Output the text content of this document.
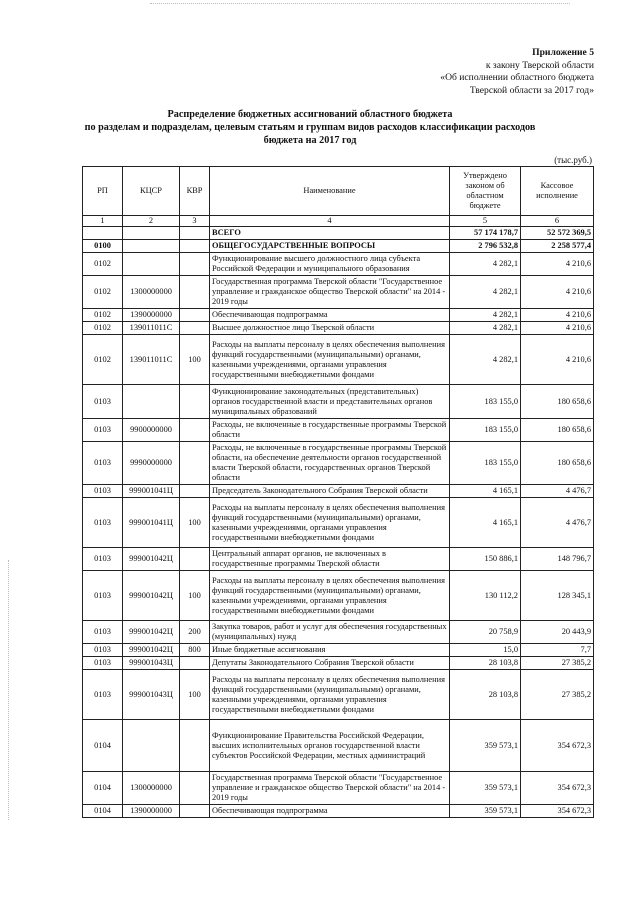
Приложение 5
к закону Тверской области
«Об исполнении областного бюджета
Тверской области за 2017 год»
Распределение бюджетных ассигнований областного бюджета
по разделам и подразделам, целевым статьям и группам видов расходов классификации расходов
бюджета на 2017 год
(тыс.руб.)
РП	КЦСР	КВР	Наименование	Утверждено законом об областном бюджете	Кассовое исполнение
1	2	3	4	5	6
			ВСЕГО	57 174 178,7	52 572 369,5
0100			ОБЩЕГОСУДАРСТВЕННЫЕ ВОПРОСЫ	2 796 532,8	2 258 577,4
0102			Функционирование высшего должностного лица субъекта Российской Федерации и муниципального образования	4 282,1	4 210,6
0102	1300000000		Государственная программа Тверской области "Государственное управление и гражданское общество Тверской области" на 2014 - 2019 годы	4 282,1	4 210,6
0102	1390000000		Обеспечивающая подпрограмма	4 282,1	4 210,6
0102	139011011С		Высшее должностное лицо Тверской области	4 282,1	4 210,6
0102	139011011С	100	Расходы на выплаты персоналу в целях обеспечения выполнения функций государственными (муниципальными) органами, казенными учреждениями, органами управления государственными внебюджетными фондами	4 282,1	4 210,6
0103			Функционирование законодательных (представительных) органов государственной власти и представительных органов муниципальных образований	183 155,0	180 658,6
0103	9900000000		Расходы, не включенные в государственные программы Тверской области	183 155,0	180 658,6
0103	9990000000		Расходы, не включенные в государственные программы Тверской области, на обеспечение деятельности органов государственной власти Тверской области, государственных органов Тверской области	183 155,0	180 658,6
0103	999001041Ц		Председатель Законодательного Собрания Тверской области	4 165,1	4 476,7
0103	999001041Ц	100	Расходы на выплаты персоналу в целях обеспечения выполнения функций государственными (муниципальными) органами, казенными учреждениями, органами управления государственными внебюджетными фондами	4 165,1	4 476,7
0103	999001042Ц		Центральный аппарат органов, не включенных в государственные программы Тверской области	150 886,1	148 796,7
0103	999001042Ц	100	Расходы на выплаты персоналу в целях обеспечения выполнения функций государственными (муниципальными) органами, казенными учреждениями, органами управления государственными внебюджетными фондами	130 112,2	128 345,1
0103	999001042Ц	200	Закупка товаров, работ и услуг для обеспечения государственных (муниципальных) нужд	20 758,9	20 443,9
0103	999001042Ц	800	Иные бюджетные ассигнования	15,0	7,7
0103	999001043Ц		Депутаты Законодательного Собрания Тверской области	28 103,8	27 385,2
0103	999001043Ц	100	Расходы на выплаты персоналу в целях обеспечения выполнения функций государственными (муниципальными) органами, казенными учреждениями, органами управления государственными внебюджетными фондами	28 103,8	27 385,2
0104			Функционирование Правительства Российской Федерации, высших исполнительных органов государственной власти субъектов Российской Федерации, местных администраций	359 573,1	354 672,3
0104	1300000000		Государственная программа Тверской области "Государственное управление и гражданское общество Тверской области" на 2014 - 2019 годы	359 573,1	354 672,3
0104	1390000000		Обеспечивающая подпрограмма	359 573,1	354 672,3
